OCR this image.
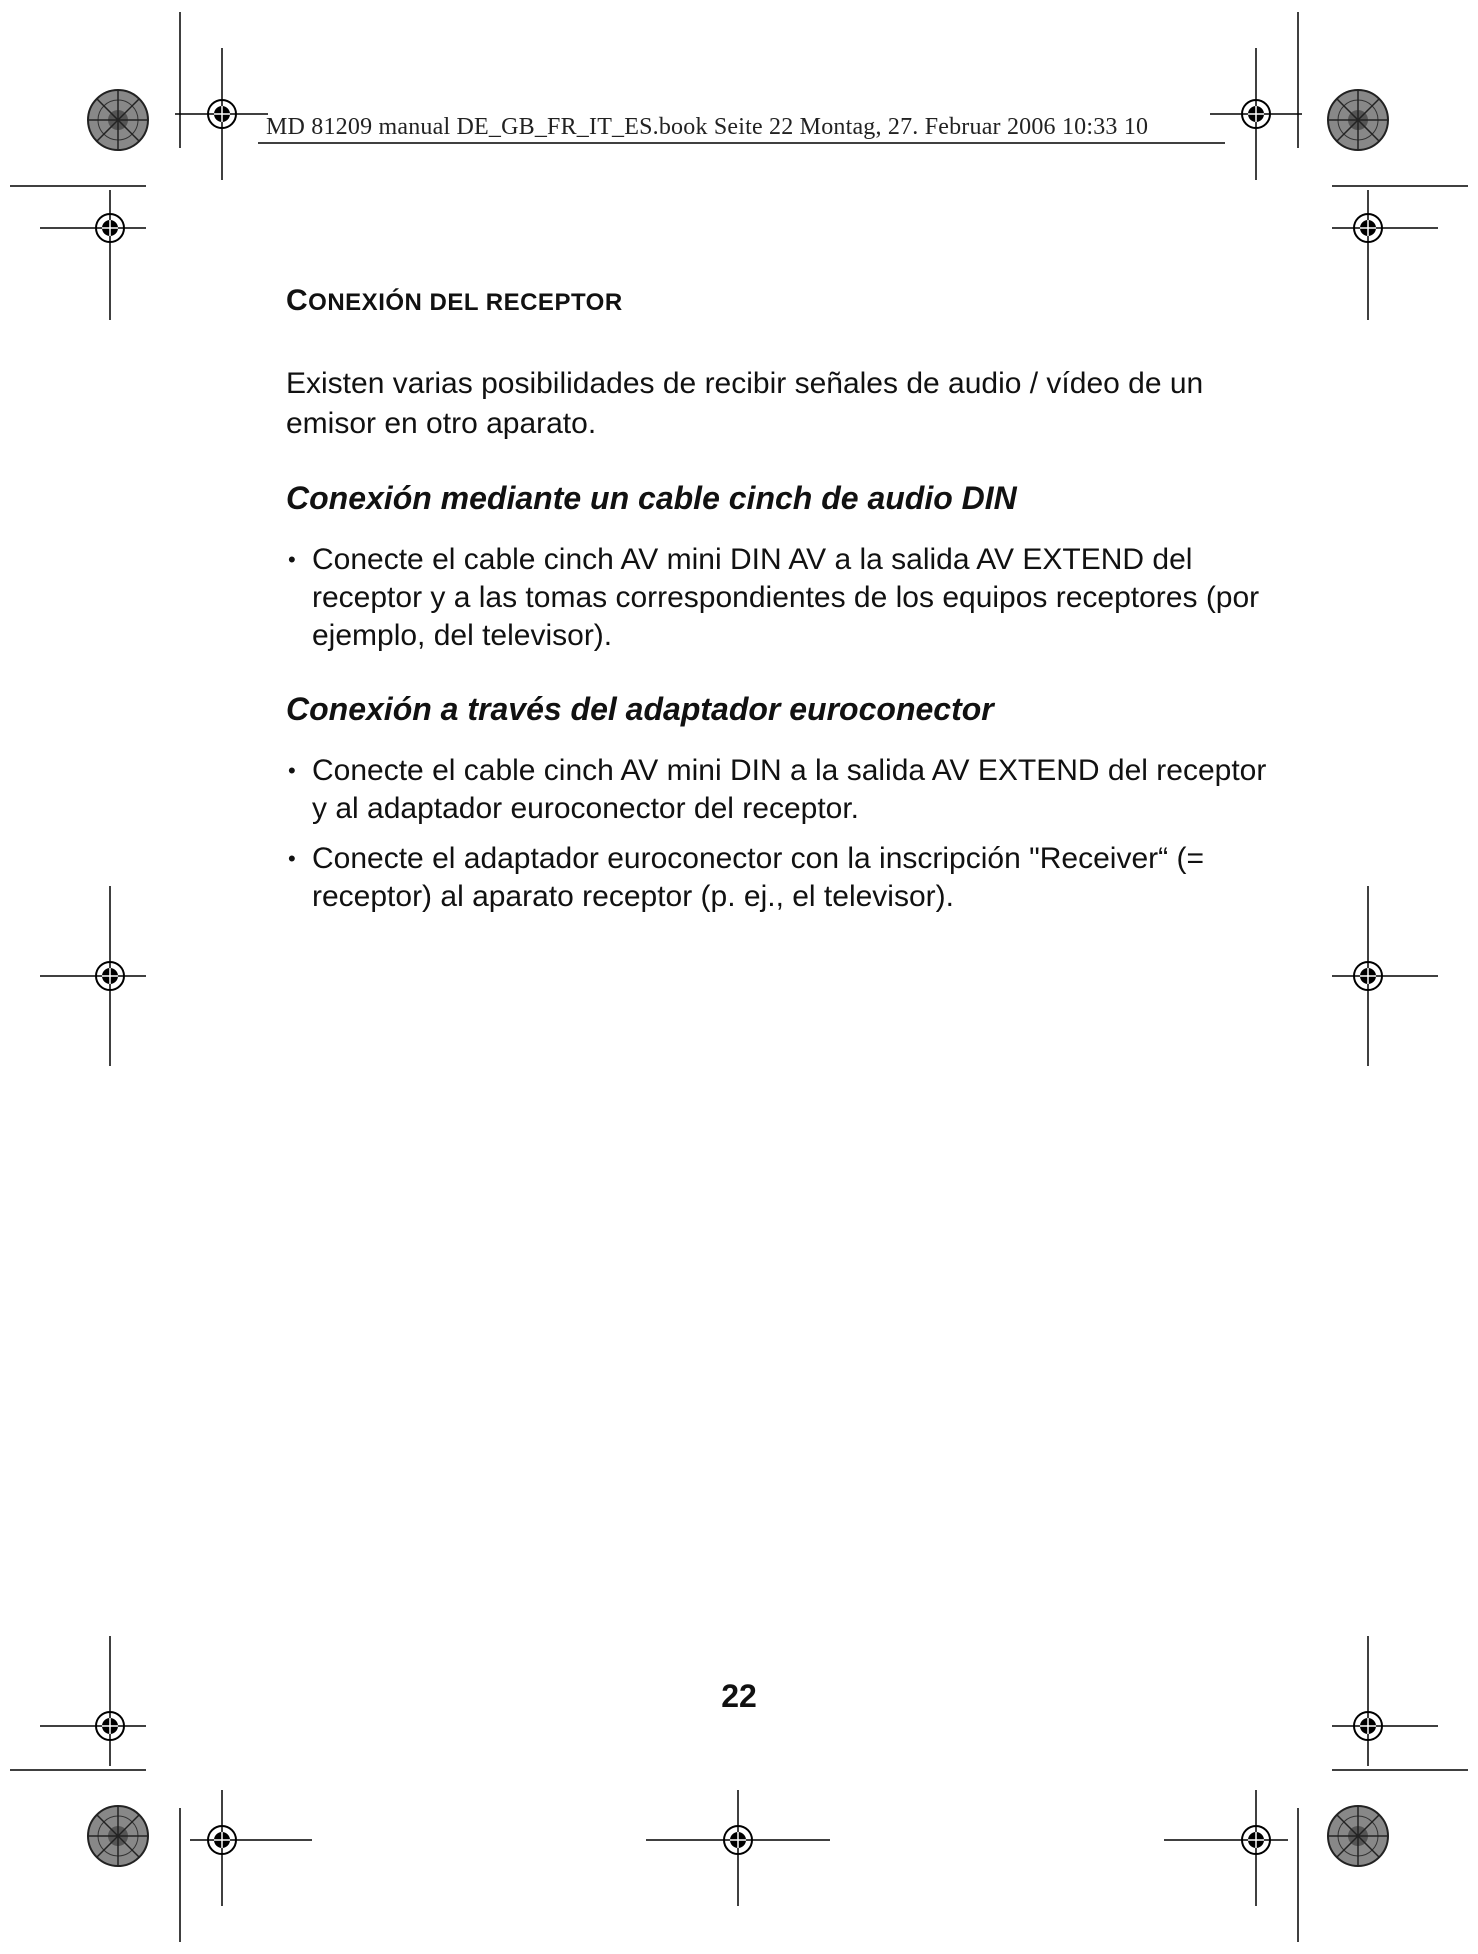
MD 81209 manual DE_GB_FR_IT_ES.book Seite 22 Montag, 27. Februar 2006 10:33 10
CONEXIÓN DEL RECEPTOR

Existen varias posibilidades de recibir señales de audio / vídeo de un emisor en otro aparato.

Conexión mediante un cable cinch de audio DIN
• Conecte el cable cinch AV mini DIN AV a la salida AV EXTEND del receptor y a las tomas correspondientes de los equipos receptores (por ejemplo, del televisor).
Conexión a través del adaptador euroconector
• Conecte el cable cinch AV mini DIN a la salida AV EXTEND del receptor y al adaptador euroconector del receptor.
• Conecte el adaptador euroconector con la inscripción "Receiver“ (= receptor) al aparato receptor (p. ej., el televisor).
22
